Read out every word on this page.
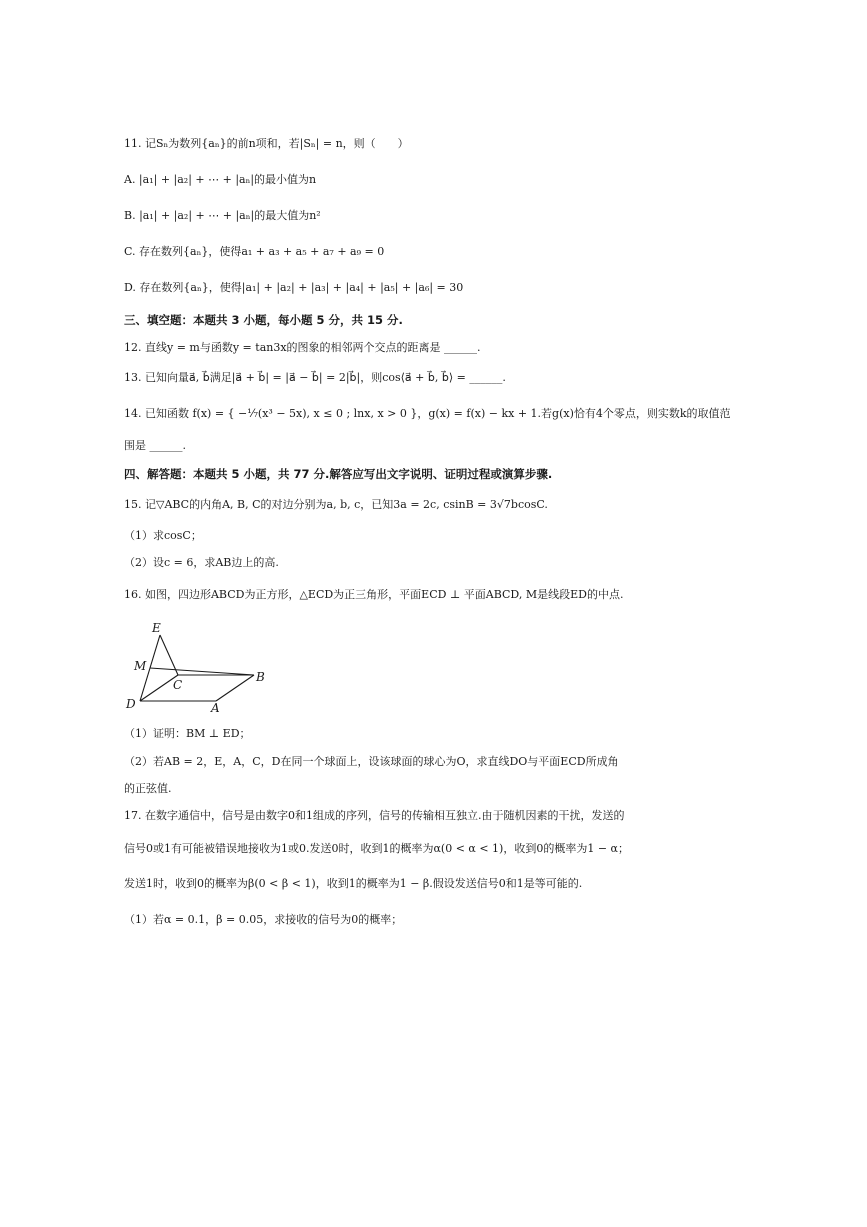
11. 记Sₙ为数列{aₙ}的前n项和，若|Sₙ| = n，则（　　）
A. |a₁| + |a₂| + ⋯ + |aₙ|的最小值为n
B. |a₁| + |a₂| + ⋯ + |aₙ|的最大值为n²
C. 存在数列{aₙ}，使得a₁ + a₃ + a₅ + a₇ + a₉ = 0
D. 存在数列{aₙ}，使得|a₁| + |a₂| + |a₃| + |a₄| + |a₅| + |a₆| = 30
三、填空题：本题共 3 小题，每小题 5 分，共 15 分.
12. 直线y = m与函数y = tan3x的图象的相邻两个交点的距离是 ______.
13. 已知向量a⃗, b⃗满足|a⃗ + b⃗| = |a⃗ − b⃗| = 2|b⃗|，则cos⟨a⃗ + b⃗, b⃗⟩ = ______.
14. 已知函数 f(x) = { −⅐(x³ − 5x), x ≤ 0 ; lnx, x > 0 }，g(x) = f(x) − kx + 1.若g(x)恰有4个零点，则实数k的取值范
围是 ______.
四、解答题：本题共 5 小题，共 77 分.解答应写出文字说明、证明过程或演算步骤.
15. 记▽ABC的内角A, B, C的对边分别为a, b, c，已知3a = 2c, csinB = 3√7bcosC.
（1）求cosC；
（2）设c = 6，求AB边上的高.
16. 如图，四边形ABCD为正方形，△ECD为正三角形，平面ECD ⊥ 平面ABCD, M是线段ED的中点.
E
M
C
B
D	A
（1）证明：BM ⊥ ED；
（2）若AB = 2，E，A，C，D在同一个球面上，设该球面的球心为O，求直线DO与平面ECD所成角
的正弦值.
17. 在数字通信中，信号是由数字0和1组成的序列，信号的传输相互独立.由于随机因素的干扰，发送的
信号0或1有可能被错误地接收为1或0.发送0时，收到1的概率为α(0 < α < 1)，收到0的概率为1 − α；
发送1时，收到0的概率为β(0 < β < 1)，收到1的概率为1 − β.假设发送信号0和1是等可能的.
（1）若α = 0.1，β = 0.05，求接收的信号为0的概率；
